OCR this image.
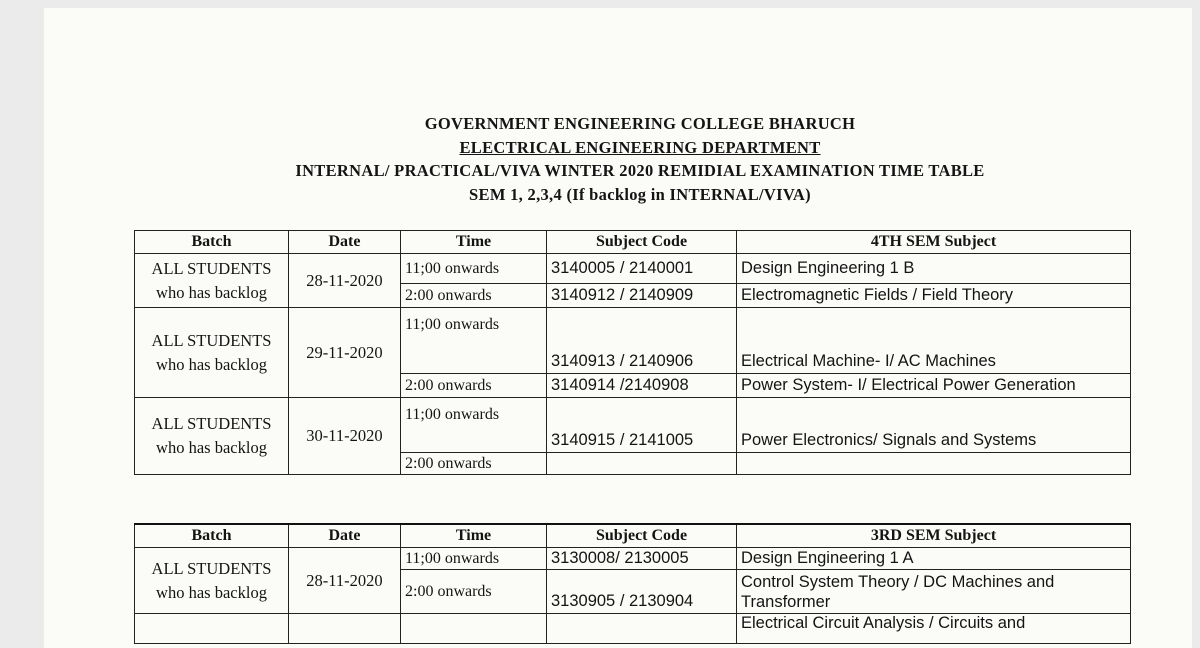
GOVERNMENT ENGINEERING COLLEGE BHARUCH
ELECTRICAL ENGINEERING DEPARTMENT
INTERNAL/ PRACTICAL/VIVA WINTER 2020 REMIDIAL EXAMINATION TIME TABLE
SEM 1, 2,3,4 (If backlog in INTERNAL/VIVA)
Batch	Date	Time	Subject Code	4TH SEM Subject
ALL STUDENTS who has backlog	28-11-2020	11;00 onwards	3140005 / 2140001	Design Engineering 1 B
		2:00 onwards	3140912 / 2140909	Electromagnetic Fields / Field Theory
ALL STUDENTS who has backlog	29-11-2020	11;00 onwards	3140913 / 2140906	Electrical Machine- I/ AC Machines
		2:00 onwards	3140914 /2140908	Power System- I/ Electrical Power Generation
ALL STUDENTS who has backlog	30-11-2020	11;00 onwards	3140915 / 2141005	Power Electronics/ Signals and Systems
		2:00 onwards		
Batch	Date	Time	Subject Code	3RD SEM Subject
ALL STUDENTS who has backlog	28-11-2020	11;00 onwards	3130008/ 2130005	Design Engineering 1 A
		2:00 onwards	3130905 / 2130904	Control System Theory / DC Machines and Transformer
				Electrical Circuit Analysis / Circuits and
